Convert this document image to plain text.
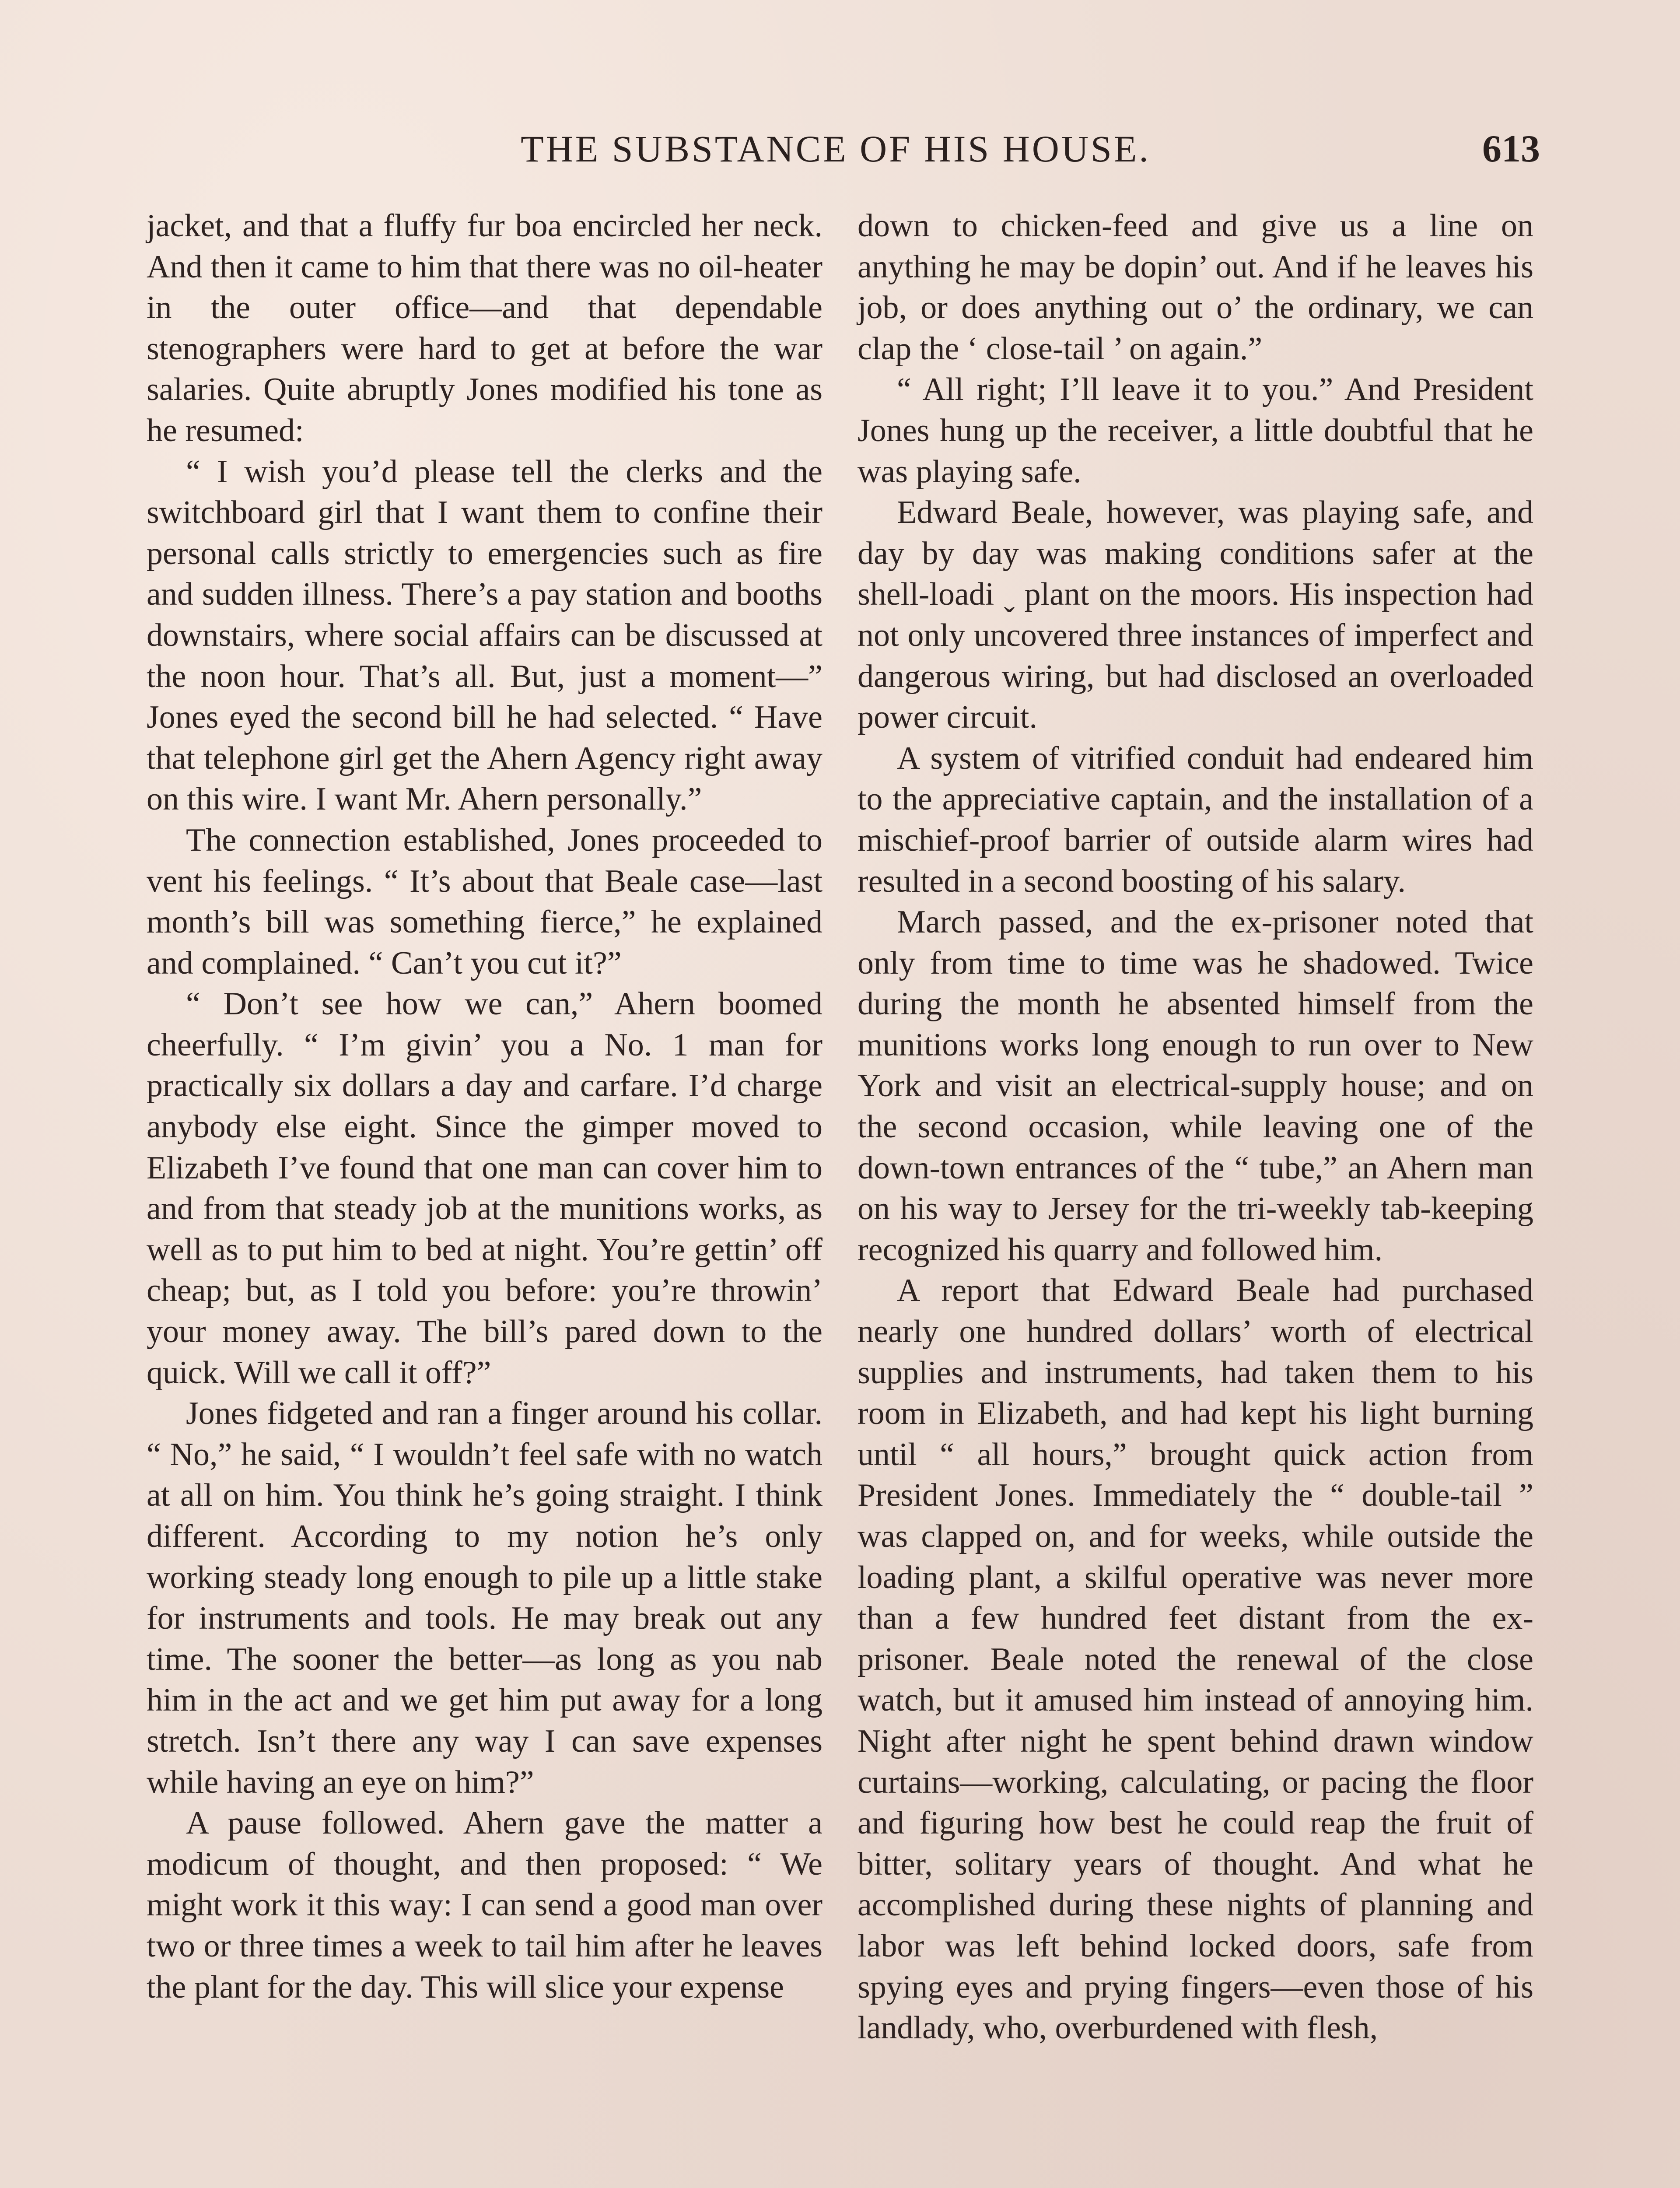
THE SUBSTANCE OF HIS HOUSE.	613

jacket, and that a fluffy fur boa encircled her neck. And then it came to him that there was no oil-heater in the outer office—and that dependable stenographers were hard to get at before the war salaries. Quite abruptly Jones modified his tone as he resumed:

“ I wish you’d please tell the clerks and the switchboard girl that I want them to confine their personal calls strictly to emergencies such as fire and sudden illness. There’s a pay station and booths downstairs, where social affairs can be discussed at the noon hour. That’s all. But, just a moment—” Jones eyed the second bill he had selected. “ Have that telephone girl get the Ahern Agency right away on this wire. I want Mr. Ahern personally.”

The connection established, Jones proceeded to vent his feelings. “ It’s about that Beale case—last month’s bill was something fierce,” he explained and complained. “ Can’t you cut it?”

“ Don’t see how we can,” Ahern boomed cheerfully. “ I’m givin’ you a No. 1 man for practically six dollars a day and carfare. I’d charge anybody else eight. Since the gimper moved to Elizabeth I’ve found that one man can cover him to and from that steady job at the munitions works, as well as to put him to bed at night. You’re gettin’ off cheap; but, as I told you before: you’re throwin’ your money away. The bill’s pared down to the quick. Will we call it off?”

Jones fidgeted and ran a finger around his collar. “ No,” he said, “ I wouldn’t feel safe with no watch at all on him. You think he’s going straight. I think different. According to my notion he’s only working steady long enough to pile up a little stake for instruments and tools. He may break out any time. The sooner the better—as long as you nab him in the act and we get him put away for a long stretch. Isn’t there any way I can save expenses while having an eye on him?”

A pause followed. Ahern gave the matter a modicum of thought, and then proposed: “ We might work it this way: I can send a good man over two or three times a week to tail him after he leaves the plant for the day. This will slice your expense

down to chicken-feed and give us a line on anything he may be dopin’ out. And if he leaves his job, or does anything out o’ the ordinary, we can clap the ‘ close-tail ’ on again.”

“ All right; I’ll leave it to you.” And President Jones hung up the receiver, a little doubtful that he was playing safe.

Edward Beale, however, was playing safe, and day by day was making conditions safer at the shell-loadi ˬ plant on the moors. His inspection had not only uncovered three instances of imperfect and dangerous wiring, but had disclosed an overloaded power circuit.

A system of vitrified conduit had endeared him to the appreciative captain, and the installation of a mischief-proof barrier of outside alarm wires had resulted in a second boosting of his salary.

March passed, and the ex-prisoner noted that only from time to time was he shadowed. Twice during the month he absented himself from the munitions works long enough to run over to New York and visit an electrical-supply house; and on the second occasion, while leaving one of the down-town entrances of the “ tube,” an Ahern man on his way to Jersey for the tri-weekly tab-keeping recognized his quarry and followed him.

A report that Edward Beale had purchased nearly one hundred dollars’ worth of electrical supplies and instruments, had taken them to his room in Elizabeth, and had kept his light burning until “ all hours,” brought quick action from President Jones. Immediately the “ double-tail ” was clapped on, and for weeks, while outside the loading plant, a skilful operative was never more than a few hundred feet distant from the ex-prisoner. Beale noted the renewal of the close watch, but it amused him instead of annoying him. Night after night he spent behind drawn window curtains—working, calculating, or pacing the floor and figuring how best he could reap the fruit of bitter, solitary years of thought. And what he accomplished during these nights of planning and labor was left behind locked doors, safe from spying eyes and prying fingers—even those of his landlady, who, overburdened with flesh,
